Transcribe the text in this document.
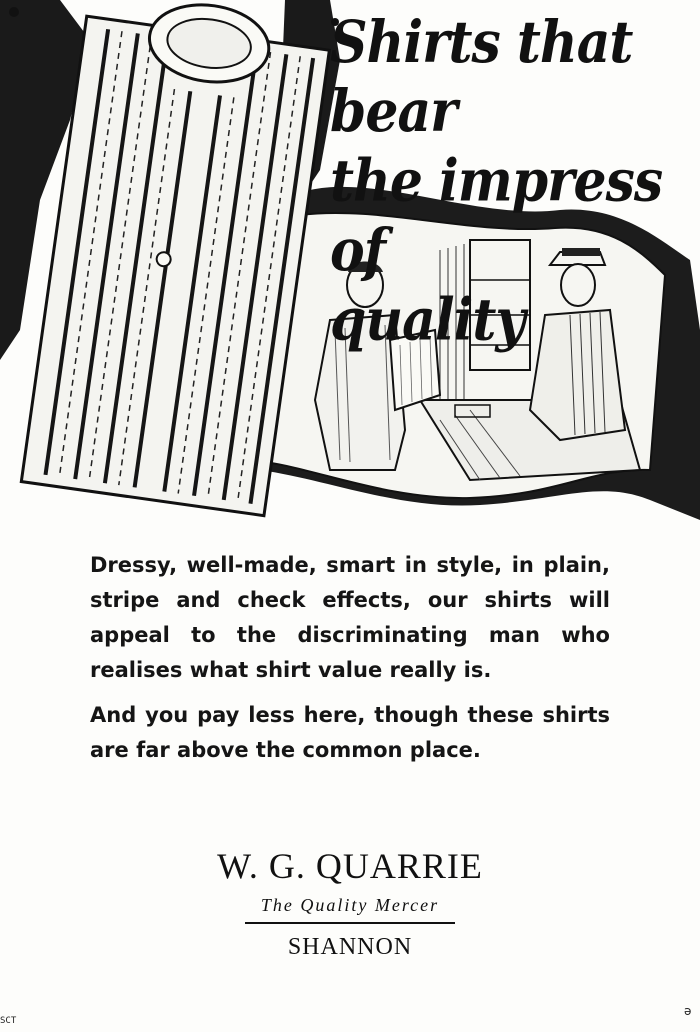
Shirts that bear
the impress of
quality

Dressy, well-made, smart in style, in plain, stripe and check effects, our shirts will appeal to the discriminating man who realises what shirt value really is.

And you pay less here, though these shirts are far above the common place.

W. G. QUARRIE
The Quality Mercer
SHANNON
SCT
ə
